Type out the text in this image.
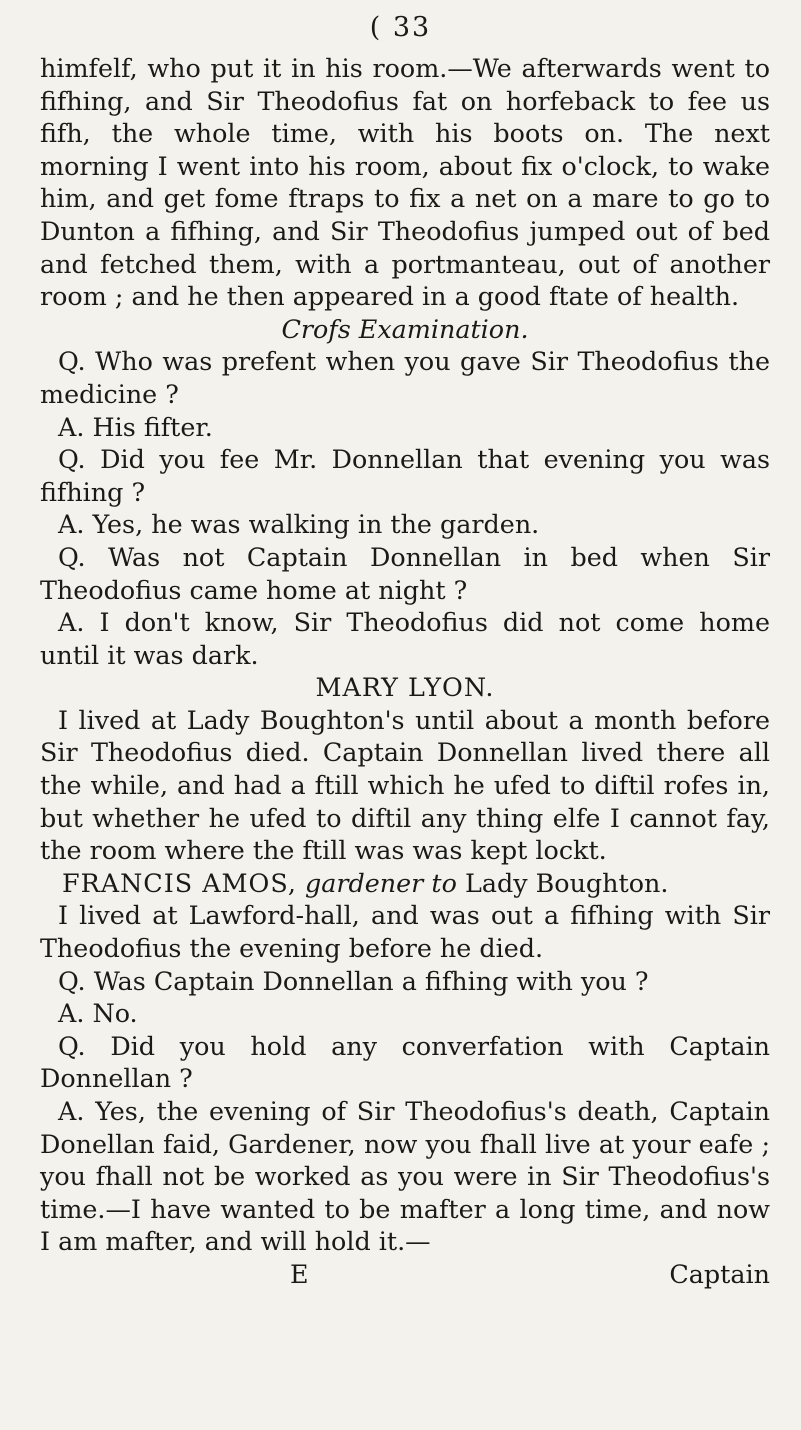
( 33

himfelf, who put it in his room.—We afterwards went to fifhing, and Sir Theodofius fat on horfeback to fee us fifh, the whole time, with his boots on. The next morning I went into his room, about fix o'clock, to wake him, and get fome ftraps to fix a net on a mare to go to Dunton a fifhing, and Sir Theodofius jumped out of bed and fetched them, with a portmanteau, out of another room ; and he then appeared in a good ftate of health.

Crofs Examination.

Q. Who was prefent when you gave Sir Theodofius the medicine ?

A. His fifter.

Q. Did you fee Mr. Donnellan that evening you was fifhing ?

A. Yes, he was walking in the garden.

Q. Was not Captain Donnellan in bed when Sir Theodofius came home at night ?

A. I don't know, Sir Theodofius did not come home until it was dark.

MARY LYON.

I lived at Lady Boughton's until about a month before Sir Theodofius died. Captain Donnellan lived there all the while, and had a ftill which he ufed to diftil rofes in, but whether he ufed to diftil any thing elfe I cannot fay, the room where the ftill was was kept lockt.

FRANCIS AMOS, gardener to Lady Boughton.

I lived at Lawford-hall, and was out a fifhing with Sir Theodofius the evening before he died.

Q. Was Captain Donnellan a fifhing with you ?

A. No.

Q. Did you hold any converfation with Captain Donnellan ?

A. Yes, the evening of Sir Theodofius's death, Captain Donellan faid, Gardener, now you fhall live at your eafe ; you fhall not be worked as you were in Sir Theodofius's time.—I have wanted to be mafter a long time, and now I am mafter, and will hold it.—

E	Captain
